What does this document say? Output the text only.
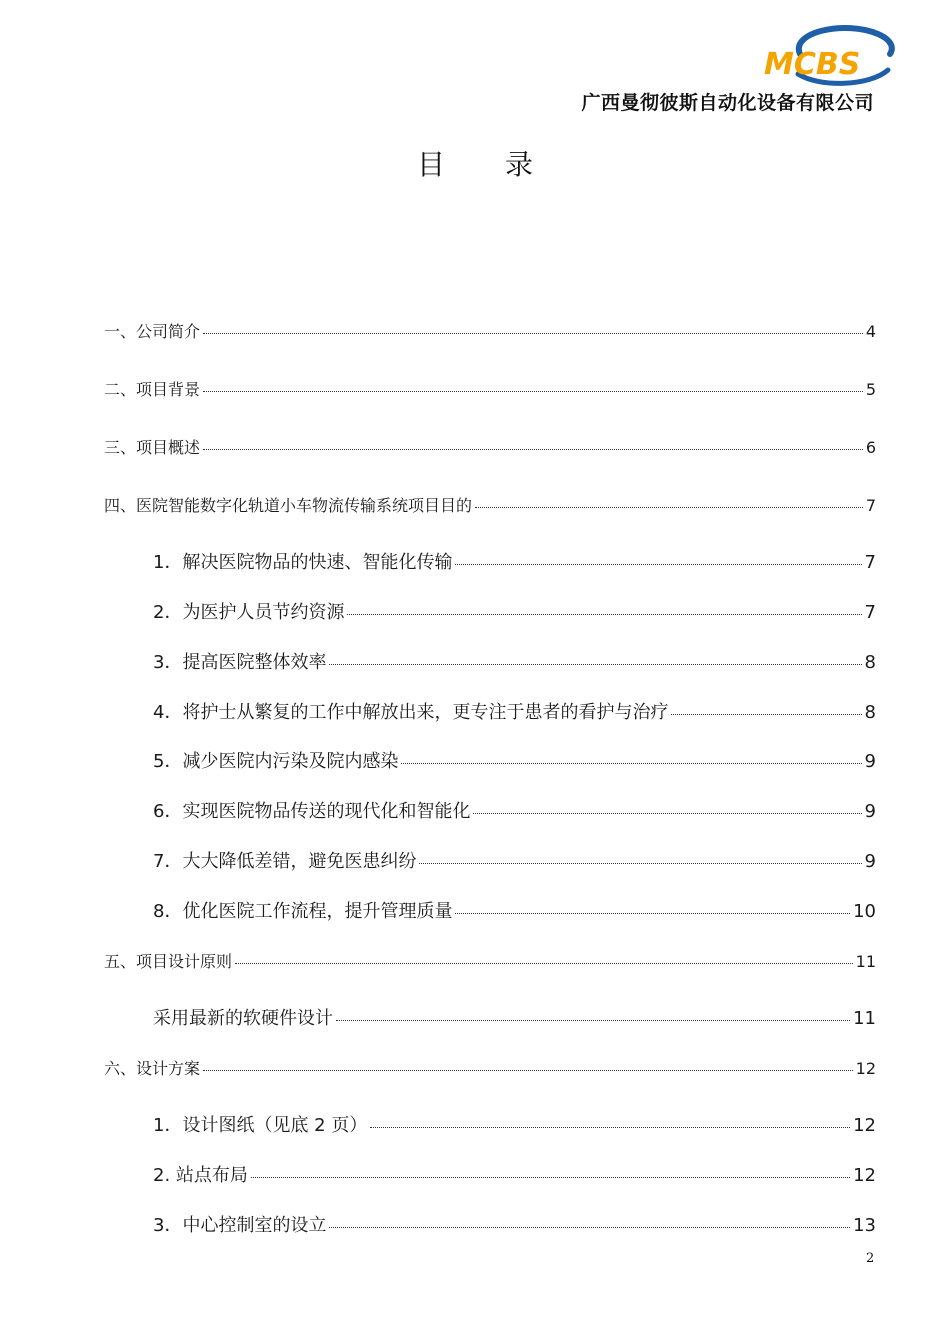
MCBS
广西曼彻彼斯自动化设备有限公司
目 录
一、公司简介	4
二、项目背景	5
三、项目概述	6
四、医院智能数字化轨道小车物流传输系统项目目的	7
1．解决医院物品的快速、智能化传输	7
2．为医护人员节约资源	7
3．提高医院整体效率	8
4．将护士从繁复的工作中解放出来，更专注于患者的看护与治疗	8
5．减少医院内污染及院内感染	9
6．实现医院物品传送的现代化和智能化	9
7．大大降低差错，避免医患纠纷	9
8．优化医院工作流程，提升管理质量	10
五、项目设计原则	11
采用最新的软硬件设计	11
六、设计方案	12
1．设计图纸（见底 2 页）	12
2. 站点布局	12
3．中心控制室的设立	13
2
